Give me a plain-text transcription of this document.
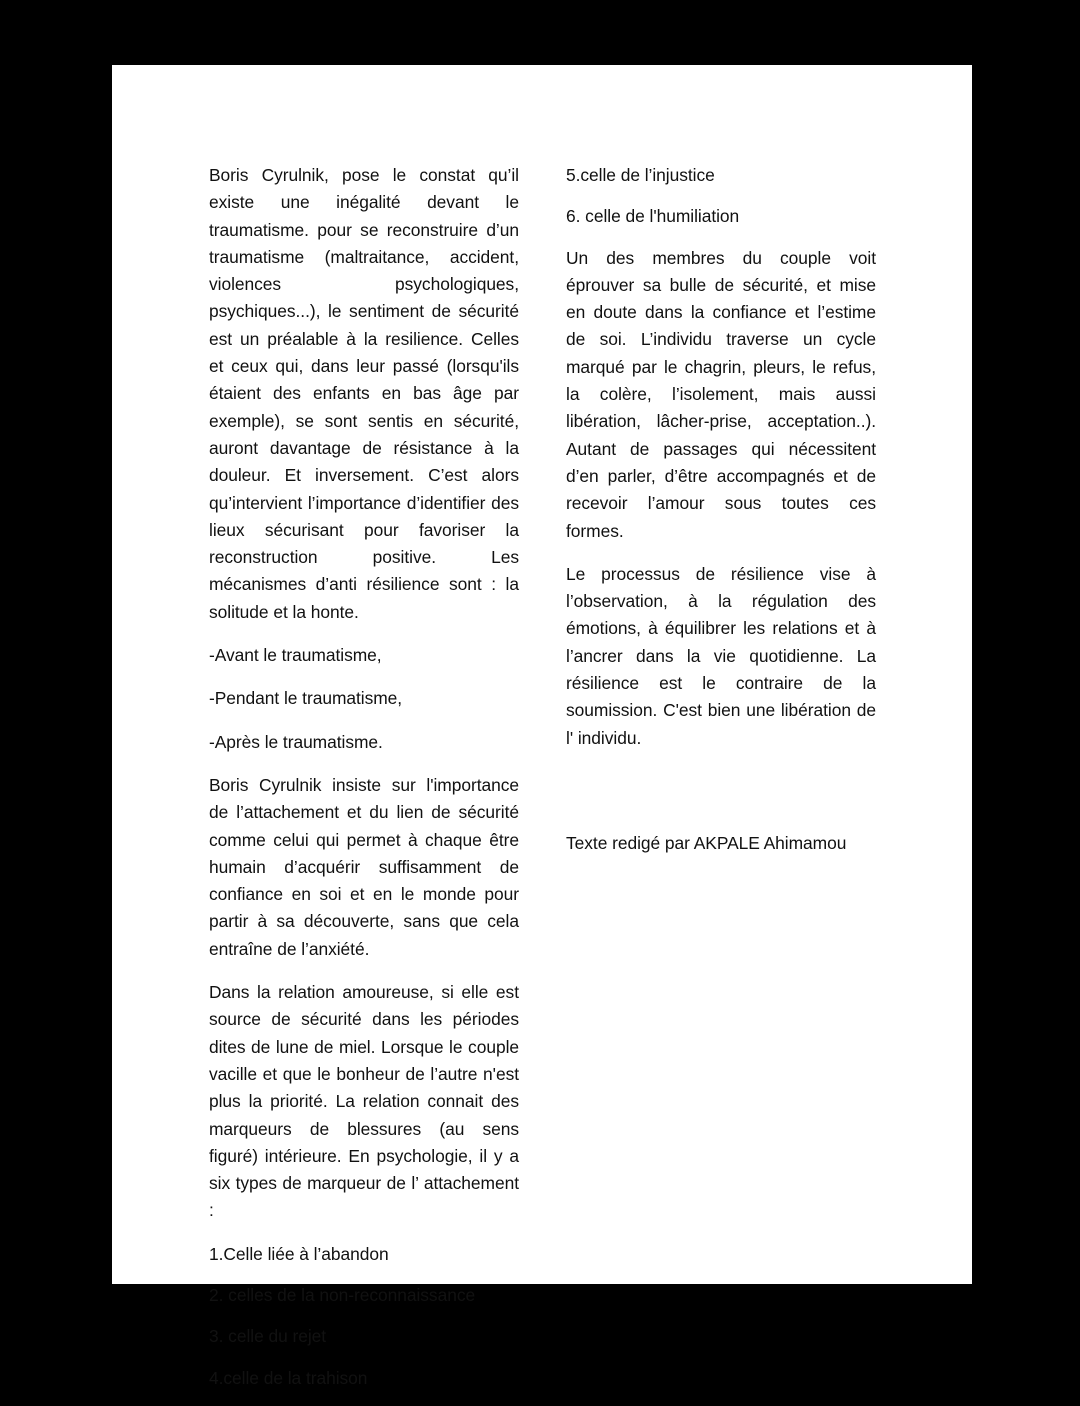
Boris Cyrulnik, pose le constat qu’il existe une inégalité devant le traumatisme. pour se reconstruire d’un traumatisme (maltraitance, accident, violences psychologiques, psychiques...), le sentiment de sécurité est un préalable à la resilience. Celles et ceux qui, dans leur passé (lorsqu'ils étaient des enfants en bas âge par exemple), se sont sentis en sécurité, auront davantage de résistance à la douleur. Et inversement. C’est alors qu’intervient l’importance d’identifier des lieux sécurisant pour favoriser la reconstruction positive. Les mécanismes d’anti résilience sont : la solitude et la honte.

-Avant le traumatisme,

-Pendant le traumatisme,

-Après le traumatisme.

Boris Cyrulnik insiste sur l'importance de l’attachement et du lien de sécurité comme celui qui permet à chaque être humain d’acquérir suffisamment de confiance en soi et en le monde pour partir à sa découverte, sans que cela entraîne de l’anxiété.

Dans la relation amoureuse, si elle est source de sécurité dans les périodes dites de lune de miel. Lorsque le couple vacille et que le bonheur de l’autre n'est plus la priorité. La relation connait des marqueurs de blessures (au sens figuré) intérieure. En psychologie, il y a six types de marqueur de l’ attachement :

1.Celle liée à l’abandon

2. celles de la non-reconnaissance

3. celle du rejet

4.celle de la trahison

5.celle de l’injustice

6. celle de l'humiliation

Un des membres du couple voit éprouver sa bulle de sécurité, et mise en doute dans la confiance et l’estime de soi. L’individu traverse un cycle marqué par le chagrin, pleurs, le refus, la colère, l’isolement, mais aussi libération, lâcher-prise, acceptation..). Autant de passages qui nécessitent d’en parler, d’être accompagnés et de recevoir l’amour sous toutes ces formes.

Le processus de résilience vise à l’observation, à la régulation des émotions, à équilibrer les relations et à l’ancrer dans la vie quotidienne. La résilience est le contraire de la soumission. C'est bien une libération de l' individu.

Texte redigé par AKPALE Ahimamou
